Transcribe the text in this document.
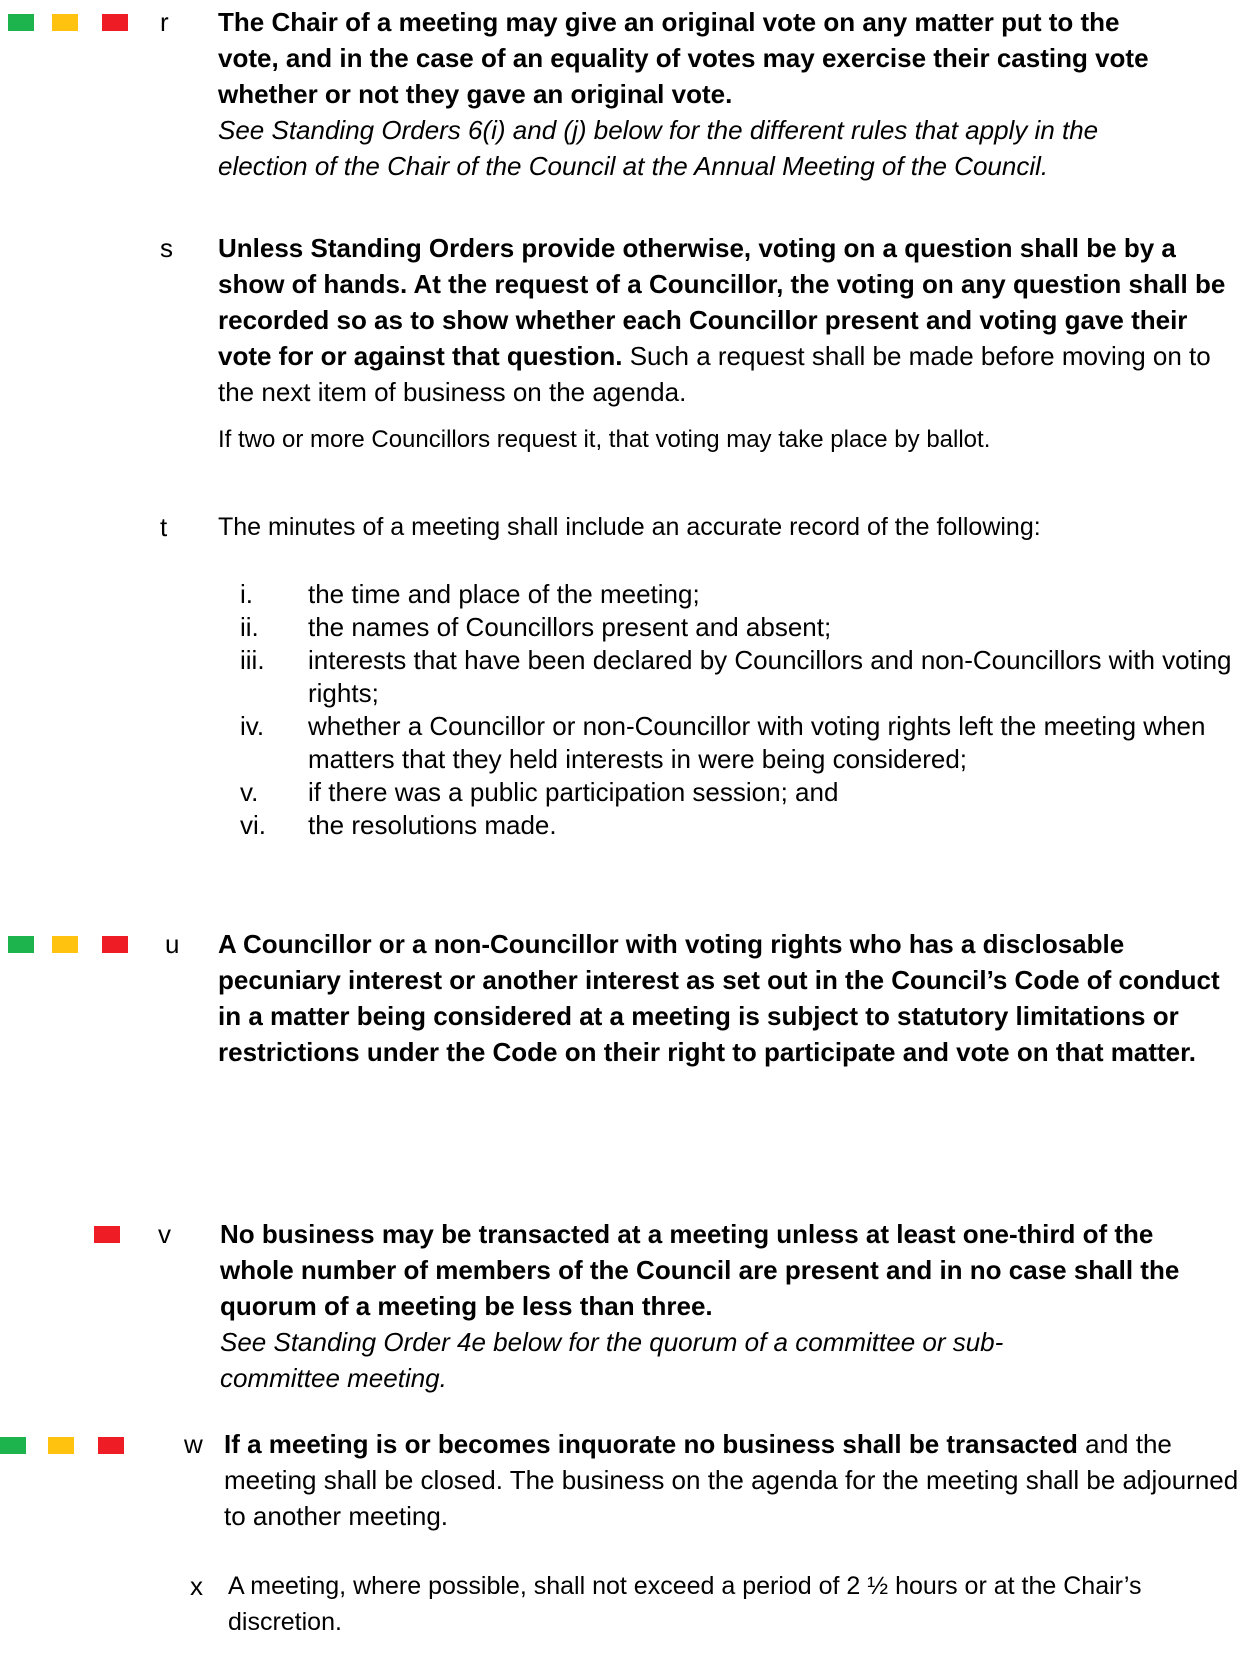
r The Chair of a meeting may give an original vote on any matter put to the vote, and in the case of an equality of votes may exercise their casting vote whether or not they gave an original vote.
See Standing Orders 6(i) and (j) below for the different rules that apply in the election of the Chair of the Council at the Annual Meeting of the Council.
s Unless Standing Orders provide otherwise, voting on a question shall be by a show of hands. At the request of a Councillor, the voting on any question shall be recorded so as to show whether each Councillor present and voting gave their vote for or against that question. Such a request shall be made before moving on to the next item of business on the agenda.
If two or more Councillors request it, that voting may take place by ballot.
t The minutes of a meeting shall include an accurate record of the following:
i. the time and place of the meeting;
ii. the names of Councillors present and absent;
iii. interests that have been declared by Councillors and non-Councillors with voting rights;
iv. whether a Councillor or non-Councillor with voting rights left the meeting when matters that they held interests in were being considered;
v. if there was a public participation session; and
vi. the resolutions made.
u A Councillor or a non-Councillor with voting rights who has a disclosable pecuniary interest or another interest as set out in the Council’s Code of conduct in a matter being considered at a meeting is subject to statutory limitations or restrictions under the Code on their right to participate and vote on that matter.
v No business may be transacted at a meeting unless at least one-third of the whole number of members of the Council are present and in no case shall the quorum of a meeting be less than three.
See Standing Order 4e below for the quorum of a committee or sub-committee meeting.
w If a meeting is or becomes inquorate no business shall be transacted and the meeting shall be closed. The business on the agenda for the meeting shall be adjourned to another meeting.
x A meeting, where possible, shall not exceed a period of 2 ½ hours or at the Chair’s discretion.
